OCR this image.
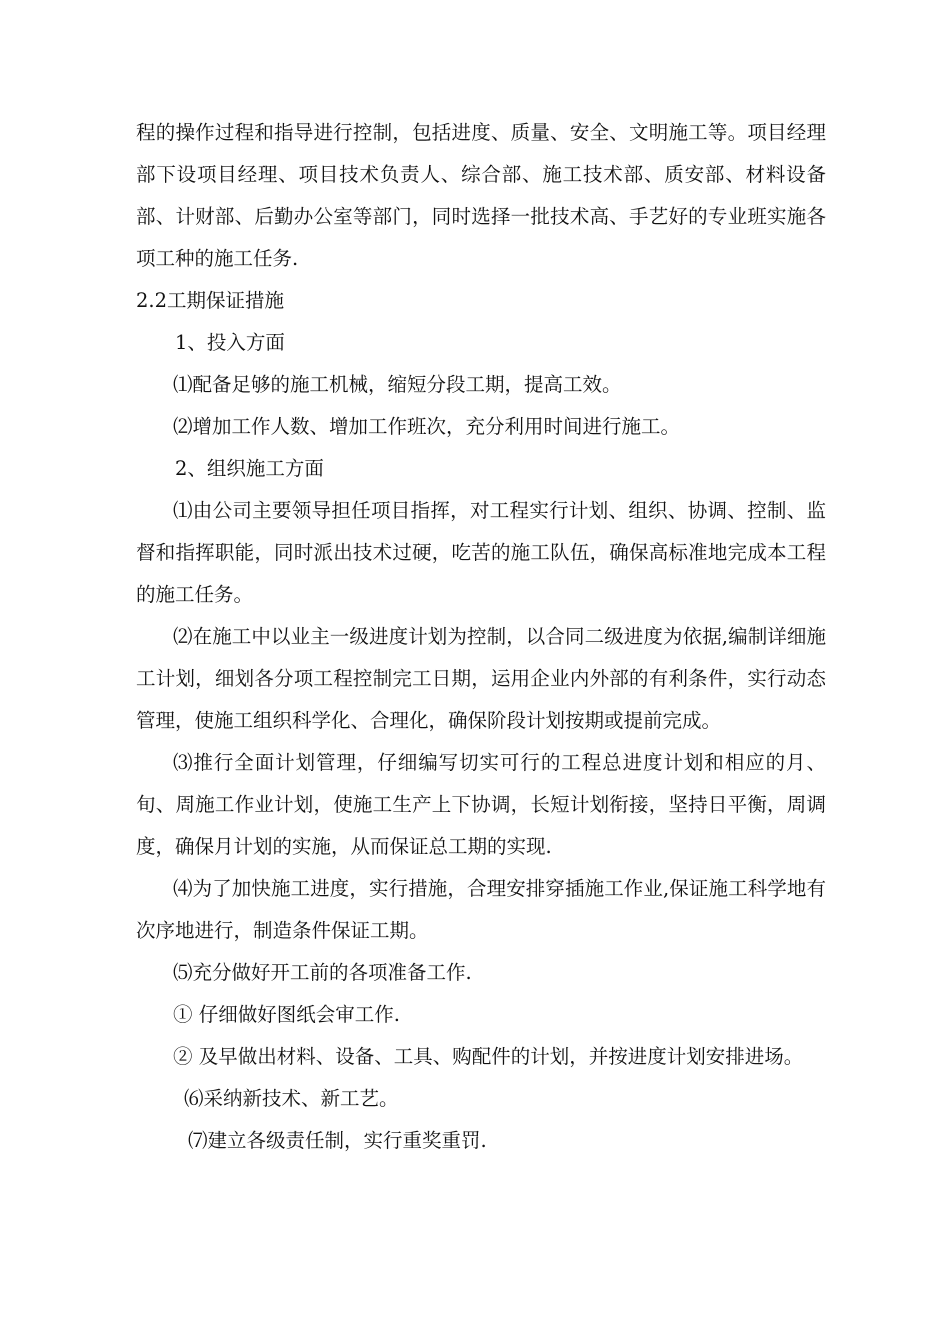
程的操作过程和指导进行控制，包括进度、质量、安全、文明施工等。项目经理部下设项目经理、项目技术负责人、综合部、施工技术部、质安部、材料设备部、计财部、后勤办公室等部门，同时选择一批技术高、手艺好的专业班实施各项工种的施工任务.

2.2工期保证措施

1、投入方面

⑴配备足够的施工机械，缩短分段工期，提高工效。

⑵增加工作人数、增加工作班次，充分利用时间进行施工。

2、组织施工方面

⑴由公司主要领导担任项目指挥，对工程实行计划、组织、协调、控制、监督和指挥职能，同时派出技术过硬，吃苦的施工队伍，确保高标准地完成本工程的施工任务。

⑵在施工中以业主一级进度计划为控制，以合同二级进度为依据,编制详细施工计划，细划各分项工程控制完工日期，运用企业内外部的有利条件，实行动态管理，使施工组织科学化、合理化，确保阶段计划按期或提前完成。

⑶推行全面计划管理，仔细编写切实可行的工程总进度计划和相应的月、旬、周施工作业计划，使施工生产上下协调，长短计划衔接，坚持日平衡，周调度，确保月计划的实施，从而保证总工期的实现.

⑷为了加快施工进度，实行措施，合理安排穿插施工作业,保证施工科学地有次序地进行，制造条件保证工期。

⑸充分做好开工前的各项准备工作.

① 仔细做好图纸会审工作.

② 及早做出材料、设备、工具、购配件的计划，并按进度计划安排进场。

⑹采纳新技术、新工艺。

⑺建立各级责任制，实行重奖重罚.
